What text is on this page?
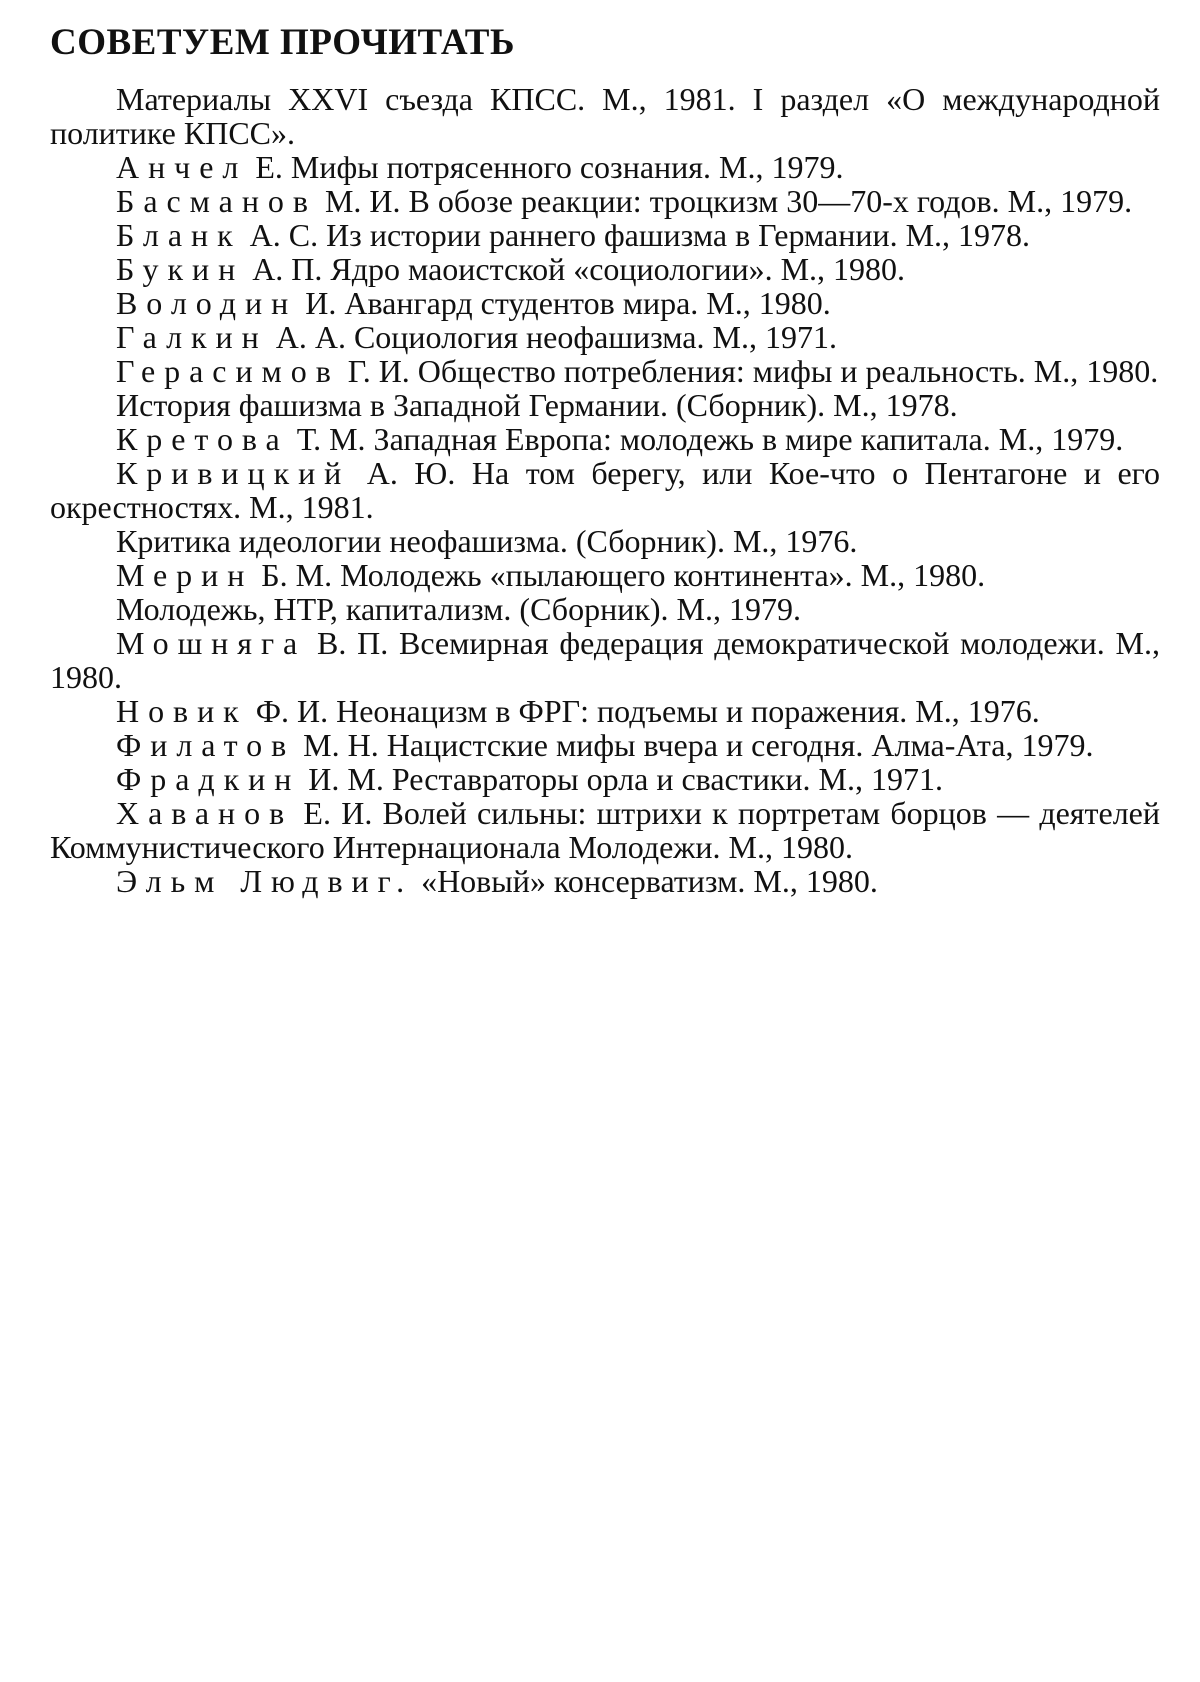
СОВЕТУЕМ ПРОЧИТАТЬ

Материалы XXVI съезда КПСС. М., 1981. I раздел «О международной политике КПСС».

Анчел Е. Мифы потрясенного сознания. М., 1979.

Басманов М. И. В обозе реакции: троцкизм 30—70-х годов. М., 1979.

Бланк А. С. Из истории раннего фашизма в Германии. М., 1978.

Букин А. П. Ядро маоистской «социологии». М., 1980.

Володин И. Авангард студентов мира. М., 1980.

Галкин А. А. Социология неофашизма. М., 1971.

Герасимов Г. И. Общество потребления: мифы и реальность. М., 1980.

История фашизма в Западной Германии. (Сборник). М., 1978.

Кретова Т. М. Западная Европа: молодежь в мире капитала. М., 1979.

Кривицкий А. Ю. На том берегу, или Кое-что о Пентагоне и его окрестностях. М., 1981.

Критика идеологии неофашизма. (Сборник). М., 1976.

Мерин Б. М. Молодежь «пылающего континента». М., 1980.

Молодежь, НТР, капитализм. (Сборник). М., 1979.

Мошняга В. П. Всемирная федерация демократической молодежи. М., 1980.

Новик Ф. И. Неонацизм в ФРГ: подъемы и поражения. М., 1976.

Филатов М. Н. Нацистские мифы вчера и сегодня. Алма-Ата, 1979.

Фрадкин И. М. Реставраторы орла и свастики. М., 1971.

Хаванов Е. И. Волей сильны: штрихи к портретам борцов — деятелей Коммунистического Интернационала Молодежи. М., 1980.

Эльм Людвиг. «Новый» консерватизм. М., 1980.
